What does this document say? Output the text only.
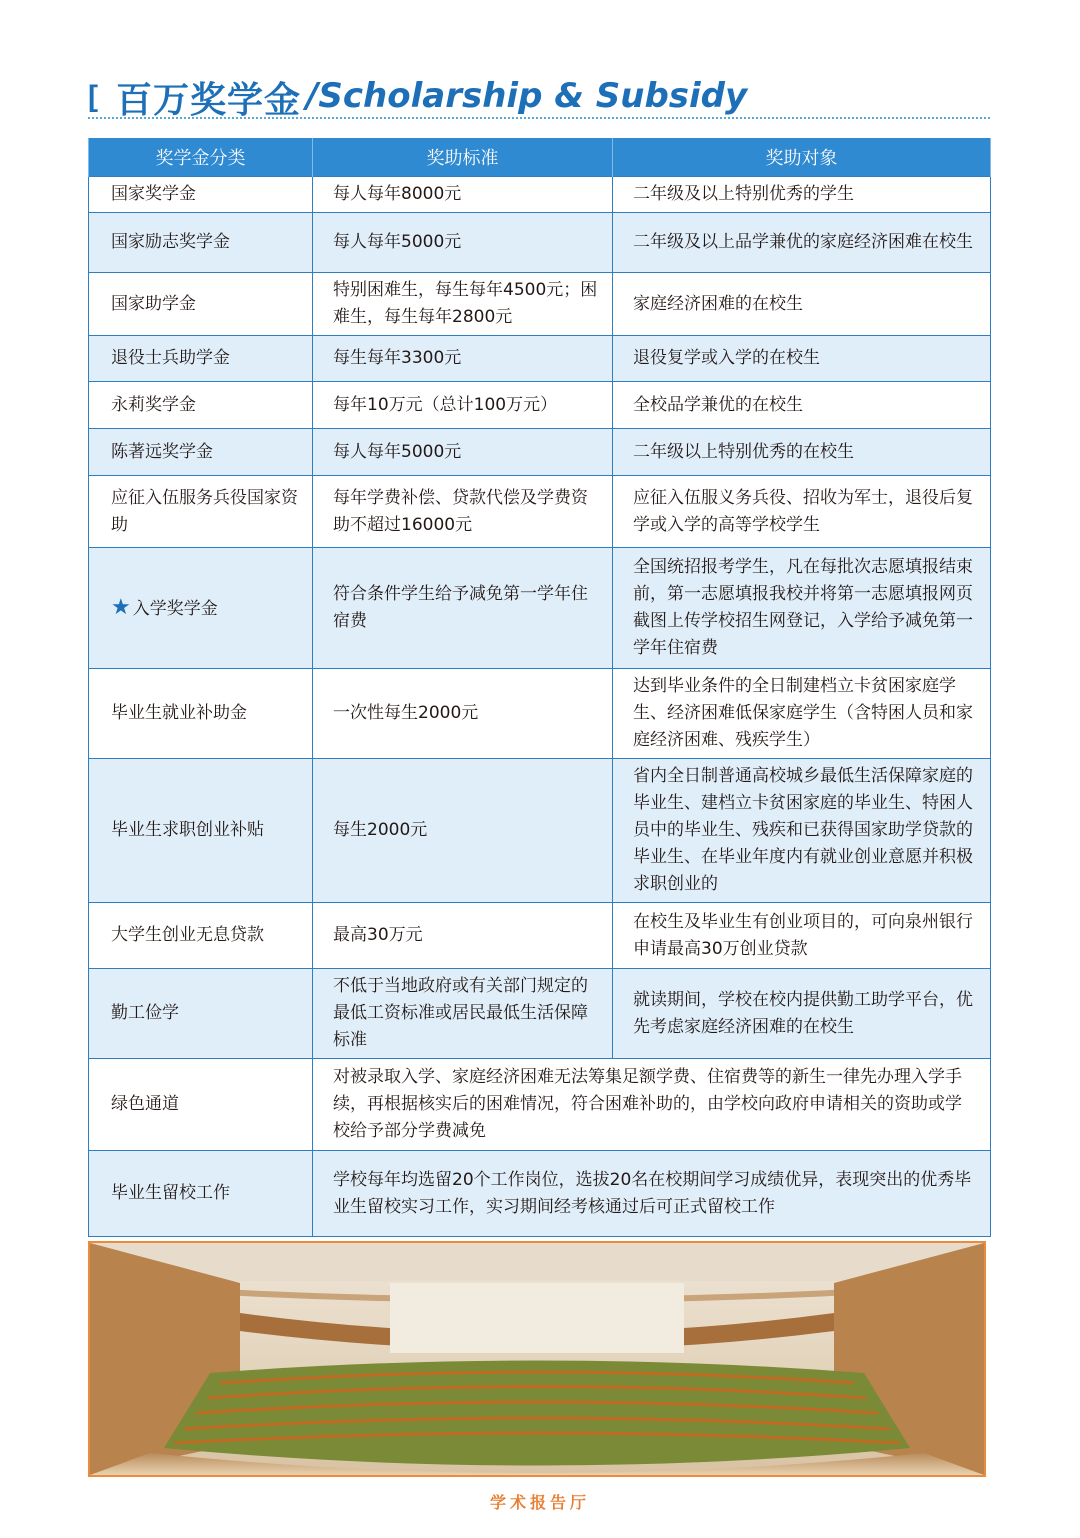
[ 百万奖学金 /Scholarship & Subsidy
奖学金分类	奖助标准	奖助对象
国家奖学金	每人每年8000元	二年级及以上特别优秀的学生
国家励志奖学金	每人每年5000元	二年级及以上品学兼优的家庭经济困难在校生
国家助学金	特别困难生，每生每年4500元；困难生，每生每年2800元	家庭经济困难的在校生
退役士兵助学金	每生每年3300元	退役复学或入学的在校生
永莉奖学金	每年10万元（总计100万元）	全校品学兼优的在校生
陈著远奖学金	每人每年5000元	二年级以上特别优秀的在校生
应征入伍服务兵役国家资助	每年学费补偿、贷款代偿及学费资助不超过16000元	应征入伍服义务兵役、招收为军士，退役后复学或入学的高等学校学生
★ 入学奖学金	符合条件学生给予减免第一学年住宿费	全国统招报考学生，凡在每批次志愿填报结束前，第一志愿填报我校并将第一志愿填报网页截图上传学校招生网登记，入学给予减免第一学年住宿费
毕业生就业补助金	一次性每生2000元	达到毕业条件的全日制建档立卡贫困家庭学生、经济困难低保家庭学生（含特困人员和家庭经济困难、残疾学生）
毕业生求职创业补贴	每生2000元	省内全日制普通高校城乡最低生活保障家庭的毕业生、建档立卡贫困家庭的毕业生、特困人员中的毕业生、残疾和已获得国家助学贷款的毕业生、在毕业年度内有就业创业意愿并积极求职创业的
大学生创业无息贷款	最高30万元	在校生及毕业生有创业项目的，可向泉州银行申请最高30万创业贷款
勤工俭学	不低于当地政府或有关部门规定的最低工资标准或居民最低生活保障标准	就读期间，学校在校内提供勤工助学平台，优先考虑家庭经济困难的在校生
绿色通道	对被录取入学、家庭经济困难无法筹集足额学费、住宿费等的新生一律先办理入学手续，再根据核实后的困难情况，符合困难补助的，由学校向政府申请相关的资助或学校给予部分学费减免	
毕业生留校工作	学校每年均选留20个工作岗位，选拔20名在校期间学习成绩优异，表现突出的优秀毕业生留校实习工作，实习期间经考核通过后可正式留校工作	
学术报告厅
